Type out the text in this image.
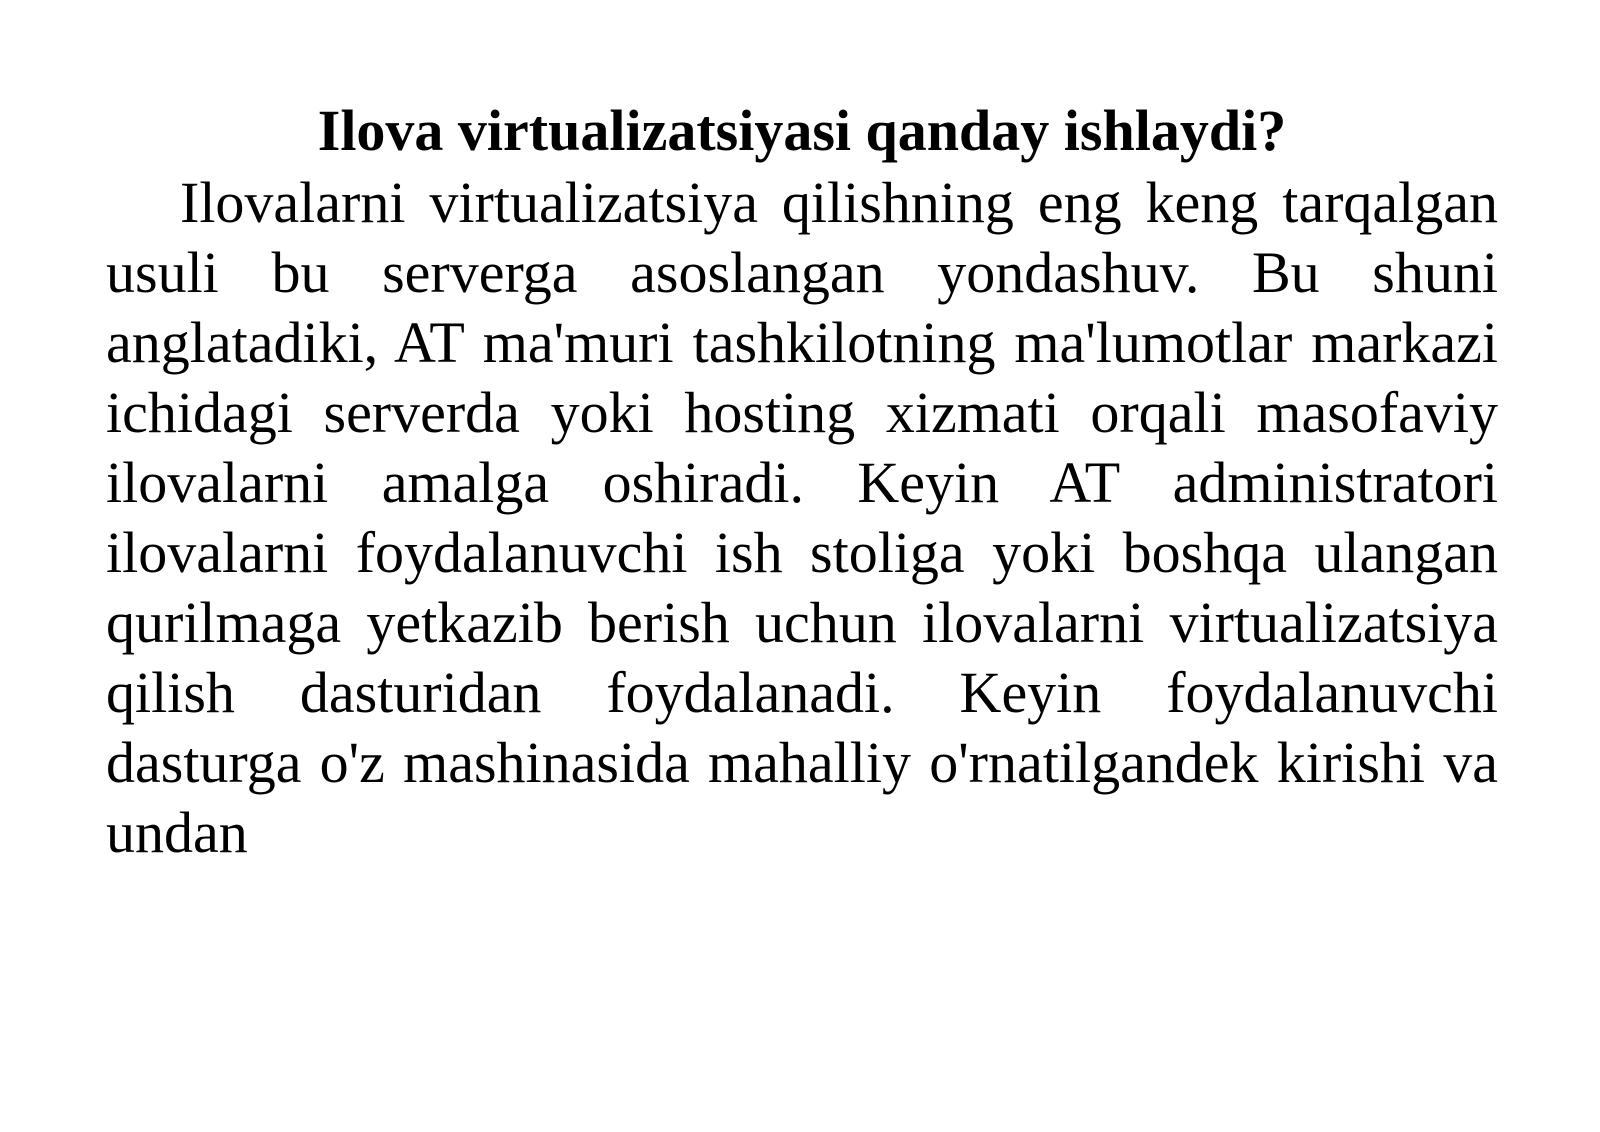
Ilova virtualizatsiyasi qanday ishlaydi?

Ilovalarni virtualizatsiya qilishning eng keng tarqalgan usuli bu serverga asoslangan yondashuv. Bu shuni anglatadiki, AT ma'muri tashkilotning ma'lumotlar markazi ichidagi serverda yoki hosting xizmati orqali masofaviy ilovalarni amalga oshiradi. Keyin AT administratori ilovalarni foydalanuvchi ish stoliga yoki boshqa ulangan qurilmaga yetkazib berish uchun ilovalarni virtualizatsiya qilish dasturidan foydalanadi. Keyin foydalanuvchi dasturga o'z mashinasida mahalliy o'rnatilgandek kirishi va undan
